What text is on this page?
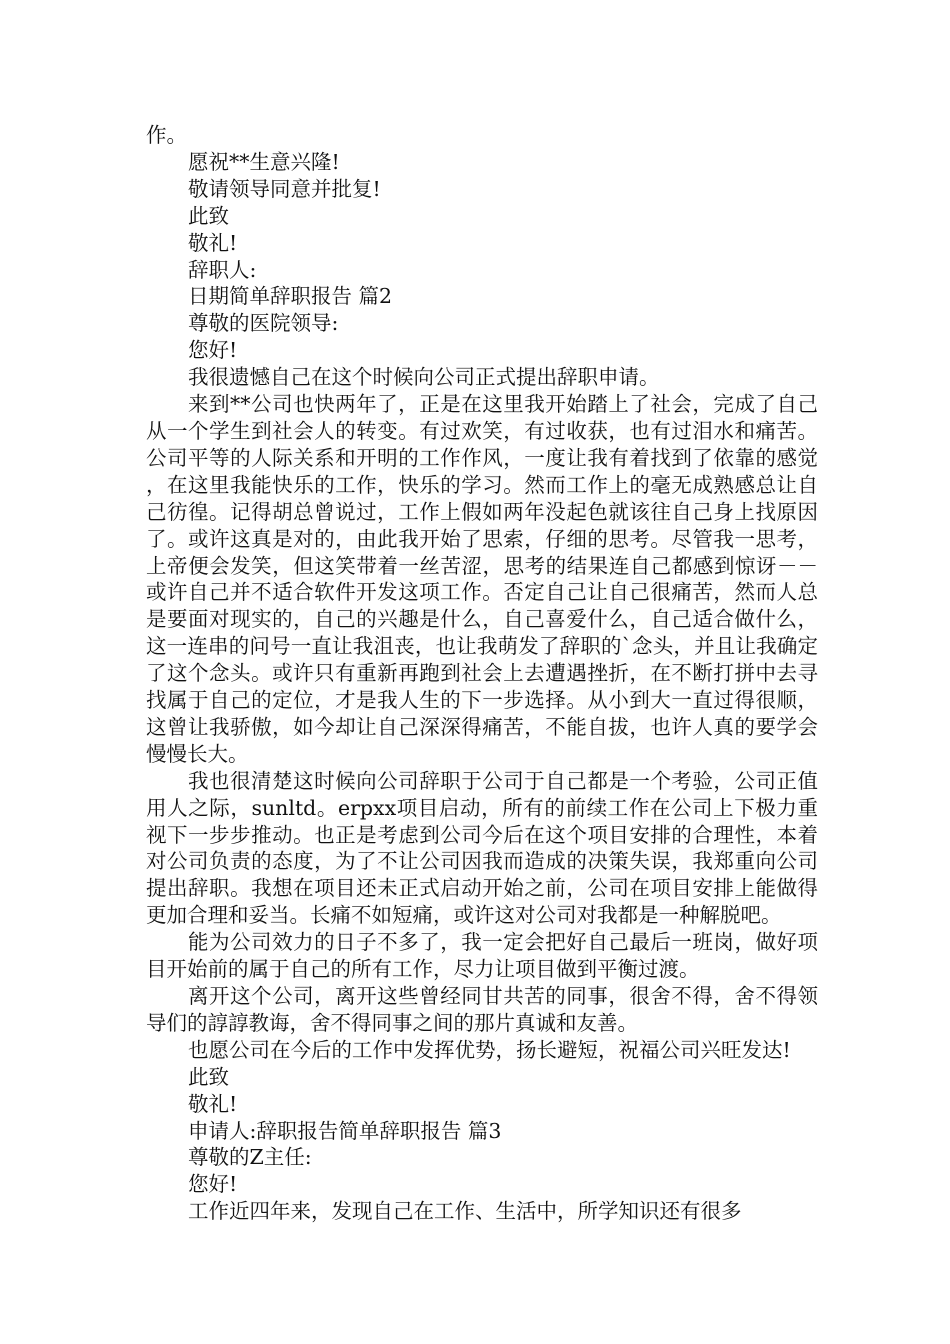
作。
愿祝**生意兴隆!
敬请领导同意并批复!
此致
敬礼!
辞职人:
日期简单辞职报告 篇2
尊敬的医院领导:
您好!
我很遗憾自己在这个时候向公司正式提出辞职申请。

来到**公司也快两年了，正是在这里我开始踏上了社会，完成了自己从一个学生到社会人的转变。有过欢笑，有过收获，也有过泪水和痛苦。公司平等的人际关系和开明的工作作风，一度让我有着找到了依靠的感觉，在这里我能快乐的工作，快乐的学习。然而工作上的毫无成熟感总让自己彷徨。记得胡总曾说过，工作上假如两年没起色就该往自己身上找原因了。或许这真是对的，由此我开始了思索，仔细的思考。尽管我一思考，上帝便会发笑，但这笑带着一丝苦涩，思考的结果连自己都感到惊讶－－或许自己并不适合软件开发这项工作。否定自己让自己很痛苦，然而人总是要面对现实的，自己的兴趣是什么，自己喜爱什么，自己适合做什么，这一连串的问号一直让我沮丧，也让我萌发了辞职的`念头，并且让我确定了这个念头。或许只有重新再跑到社会上去遭遇挫折，在不断打拼中去寻找属于自己的定位，才是我人生的下一步选择。从小到大一直过得很顺，这曾让我骄傲，如今却让自己深深得痛苦，不能自拔，也许人真的要学会慢慢长大。

我也很清楚这时候向公司辞职于公司于自己都是一个考验，公司正值用人之际，sunltd。erpxx项目启动，所有的前续工作在公司上下极力重视下一步步推动。也正是考虑到公司今后在这个项目安排的合理性，本着对公司负责的态度，为了不让公司因我而造成的决策失误，我郑重向公司提出辞职。我想在项目还未正式启动开始之前，公司在项目安排上能做得更加合理和妥当。长痛不如短痛，或许这对公司对我都是一种解脱吧。

能为公司效力的日子不多了，我一定会把好自己最后一班岗，做好项目开始前的属于自己的所有工作，尽力让项目做到平衡过渡。

离开这个公司，离开这些曾经同甘共苦的同事，很舍不得，舍不得领导们的諄諄教诲，舍不得同事之间的那片真诚和友善。

也愿公司在今后的工作中发挥优势，扬长避短，祝福公司兴旺发达!

此致
敬礼!
申请人:辞职报告简单辞职报告 篇3
尊敬的Z主任:
您好!
工作近四年来，发现自己在工作、生活中，所学知识还有很多
